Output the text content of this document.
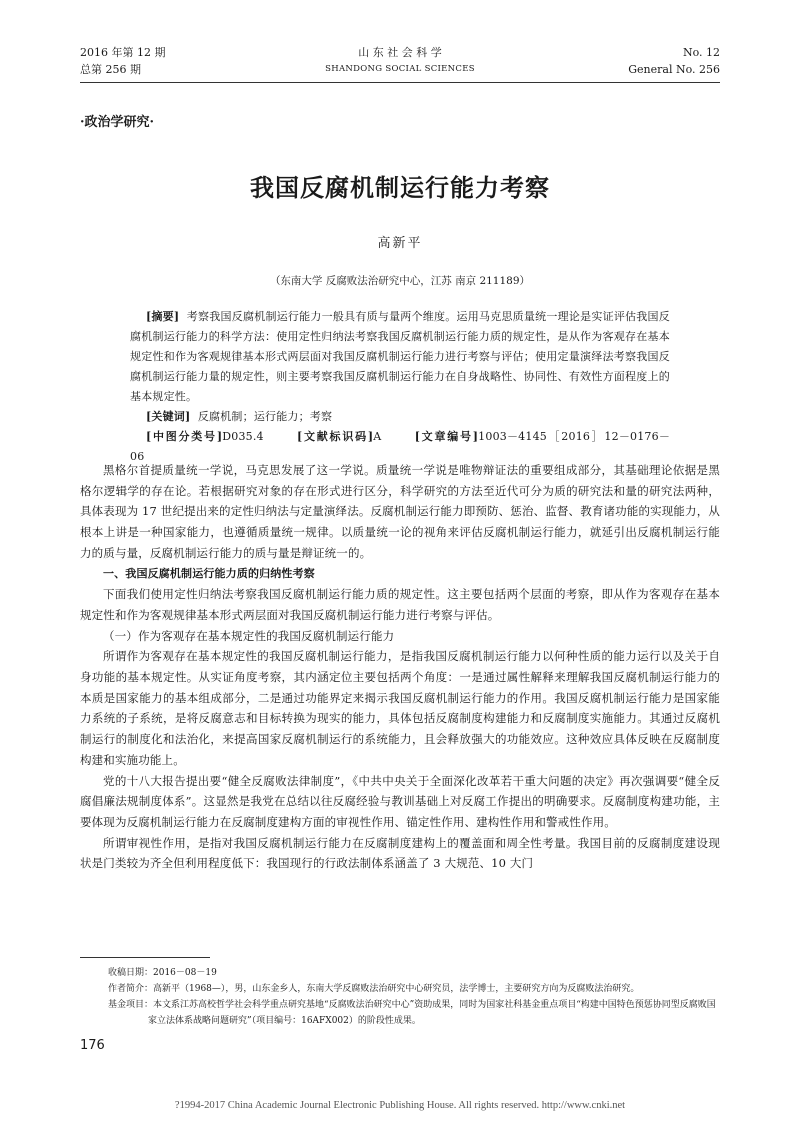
2016 年第 12 期
总第 256 期
山 东 社 会 科 学
SHANDONG SOCIAL SCIENCES
No. 12
General No. 256
·政治学研究·
我国反腐机制运行能力考察
高新平
（东南大学 反腐败法治研究中心，江苏 南京 211189）
[摘要] 考察我国反腐机制运行能力一般具有质与量两个维度。运用马克思质量统一理论是实证评估我国反腐机制运行能力的科学方法：使用定性归纳法考察我国反腐机制运行能力质的规定性，是从作为客观存在基本规定性和作为客观规律基本形式两层面对我国反腐机制运行能力进行考察与评估；使用定量演绎法考察我国反腐机制运行能力量的规定性，则主要考察我国反腐机制运行能力在自身战略性、协同性、有效性方面程度上的基本规定性。
[关键词] 反腐机制；运行能力；考察
[中图分类号]D035.4	[文献标识码]A	[文章编号]1003－4145［2016］12－0176－06

黑格尔首提质量统一学说，马克思发展了这一学说。质量统一学说是唯物辩证法的重要组成部分，其基础理论依据是黑格尔逻辑学的存在论。若根据研究对象的存在形式进行区分，科学研究的方法至近代可分为质的研究法和量的研究法两种，具体表现为 17 世纪提出来的定性归纳法与定量演绎法。反腐机制运行能力即预防、惩治、监督、教育诸功能的实现能力，从根本上讲是一种国家能力，也遵循质量统一规律。以质量统一论的视角来评估反腐机制运行能力，就延引出反腐机制运行能力的质与量，反腐机制运行能力的质与量是辩证统一的。

一、我国反腐机制运行能力质的归纳性考察

下面我们使用定性归纳法考察我国反腐机制运行能力质的规定性。这主要包括两个层面的考察，即从作为客观存在基本规定性和作为客观规律基本形式两层面对我国反腐机制运行能力进行考察与评估。

（一）作为客观存在基本规定性的我国反腐机制运行能力

所谓作为客观存在基本规定性的我国反腐机制运行能力，是指我国反腐机制运行能力以何种性质的能力运行以及关于自身功能的基本规定性。从实证角度考察，其内涵定位主要包括两个角度：一是通过属性解释来理解我国反腐机制运行能力的本质是国家能力的基本组成部分，二是通过功能界定来揭示我国反腐机制运行能力的作用。我国反腐机制运行能力是国家能力系统的子系统，是将反腐意志和目标转换为现实的能力，具体包括反腐制度构建能力和反腐制度实施能力。其通过反腐机制运行的制度化和法治化，来提高国家反腐机制运行的系统能力，且会释放强大的功能效应。这种效应具体反映在反腐制度构建和实施功能上。

党的十八大报告提出要“健全反腐败法律制度”，《中共中央关于全面深化改革若干重大问题的决定》再次强调要“健全反腐倡廉法规制度体系”。这显然是我党在总结以往反腐经验与教训基础上对反腐工作提出的明确要求。反腐制度构建功能，主要体现为反腐机制运行能力在反腐制度建构方面的审视性作用、锚定性作用、建构性作用和警戒性作用。

所谓审视性作用，是指对我国反腐机制运行能力在反腐制度建构上的覆盖面和周全性考量。我国目前的反腐制度建设现状是门类较为齐全但利用程度低下：我国现行的行政法制体系涵盖了 3 大规范、10 大门

收稿日期：2016－08－19
作者简介：高新平（1968—），男，山东金乡人，东南大学反腐败法治研究中心研究员，法学博士，主要研究方向为反腐败法治研究。
基金项目：本文系江苏高校哲学社会科学重点研究基地“反腐败法治研究中心”资助成果，同时为国家社科基金重点项目“构建中国特色预惩协同型反腐败国家立法体系战略问题研究”（项目编号：16AFX002）的阶段性成果。
176
?1994-2017 China Academic Journal Electronic Publishing House. All rights reserved. http://www.cnki.net
